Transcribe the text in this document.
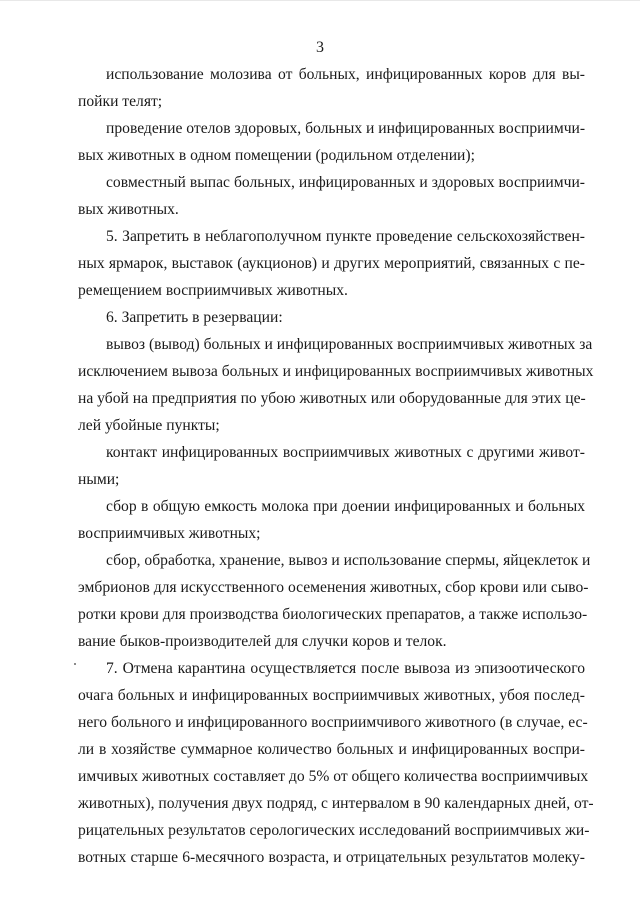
3
использование молозива от больных, инфицированных коров для вы-
пойки телят;
проведение отелов здоровых, больных и инфицированных восприимчи-
вых животных в одном помещении (родильном отделении);
совместный выпас больных, инфицированных и здоровых восприимчи-
вых животных.
5. Запретить в неблагополучном пункте проведение сельскохозяйствен-
ных ярмарок, выставок (аукционов) и других мероприятий, связанных с пе-
ремещением восприимчивых животных.
6. Запретить в резервации:
вывоз (вывод) больных и инфицированных восприимчивых животных за
исключением вывоза больных и инфицированных восприимчивых животных
на убой на предприятия по убою животных или оборудованные для этих це-
лей убойные пункты;
контакт инфицированных восприимчивых животных с другими живот-
ными;
сбор в общую емкость молока при доении инфицированных и больных
восприимчивых животных;
сбор, обработка, хранение, вывоз и использование спермы, яйцеклеток и
эмбрионов для искусственного осеменения животных, сбор крови или сыво-
ротки крови для производства биологических препаратов, а также использо-
вание быков-производителей для случки коров и телок.
7. Отмена карантина осуществляется после вывоза из эпизоотического
очага больных и инфицированных восприимчивых животных, убоя послед-
него больного и инфицированного восприимчивого животного (в случае, ес-
ли в хозяйстве суммарное количество больных и инфицированных воспри-
имчивых животных составляет до 5% от общего количества восприимчивых
животных), получения двух подряд, с интервалом в 90 календарных дней, от-
рицательных результатов серологических исследований восприимчивых жи-
вотных старше 6-месячного возраста, и отрицательных результатов молеку-
